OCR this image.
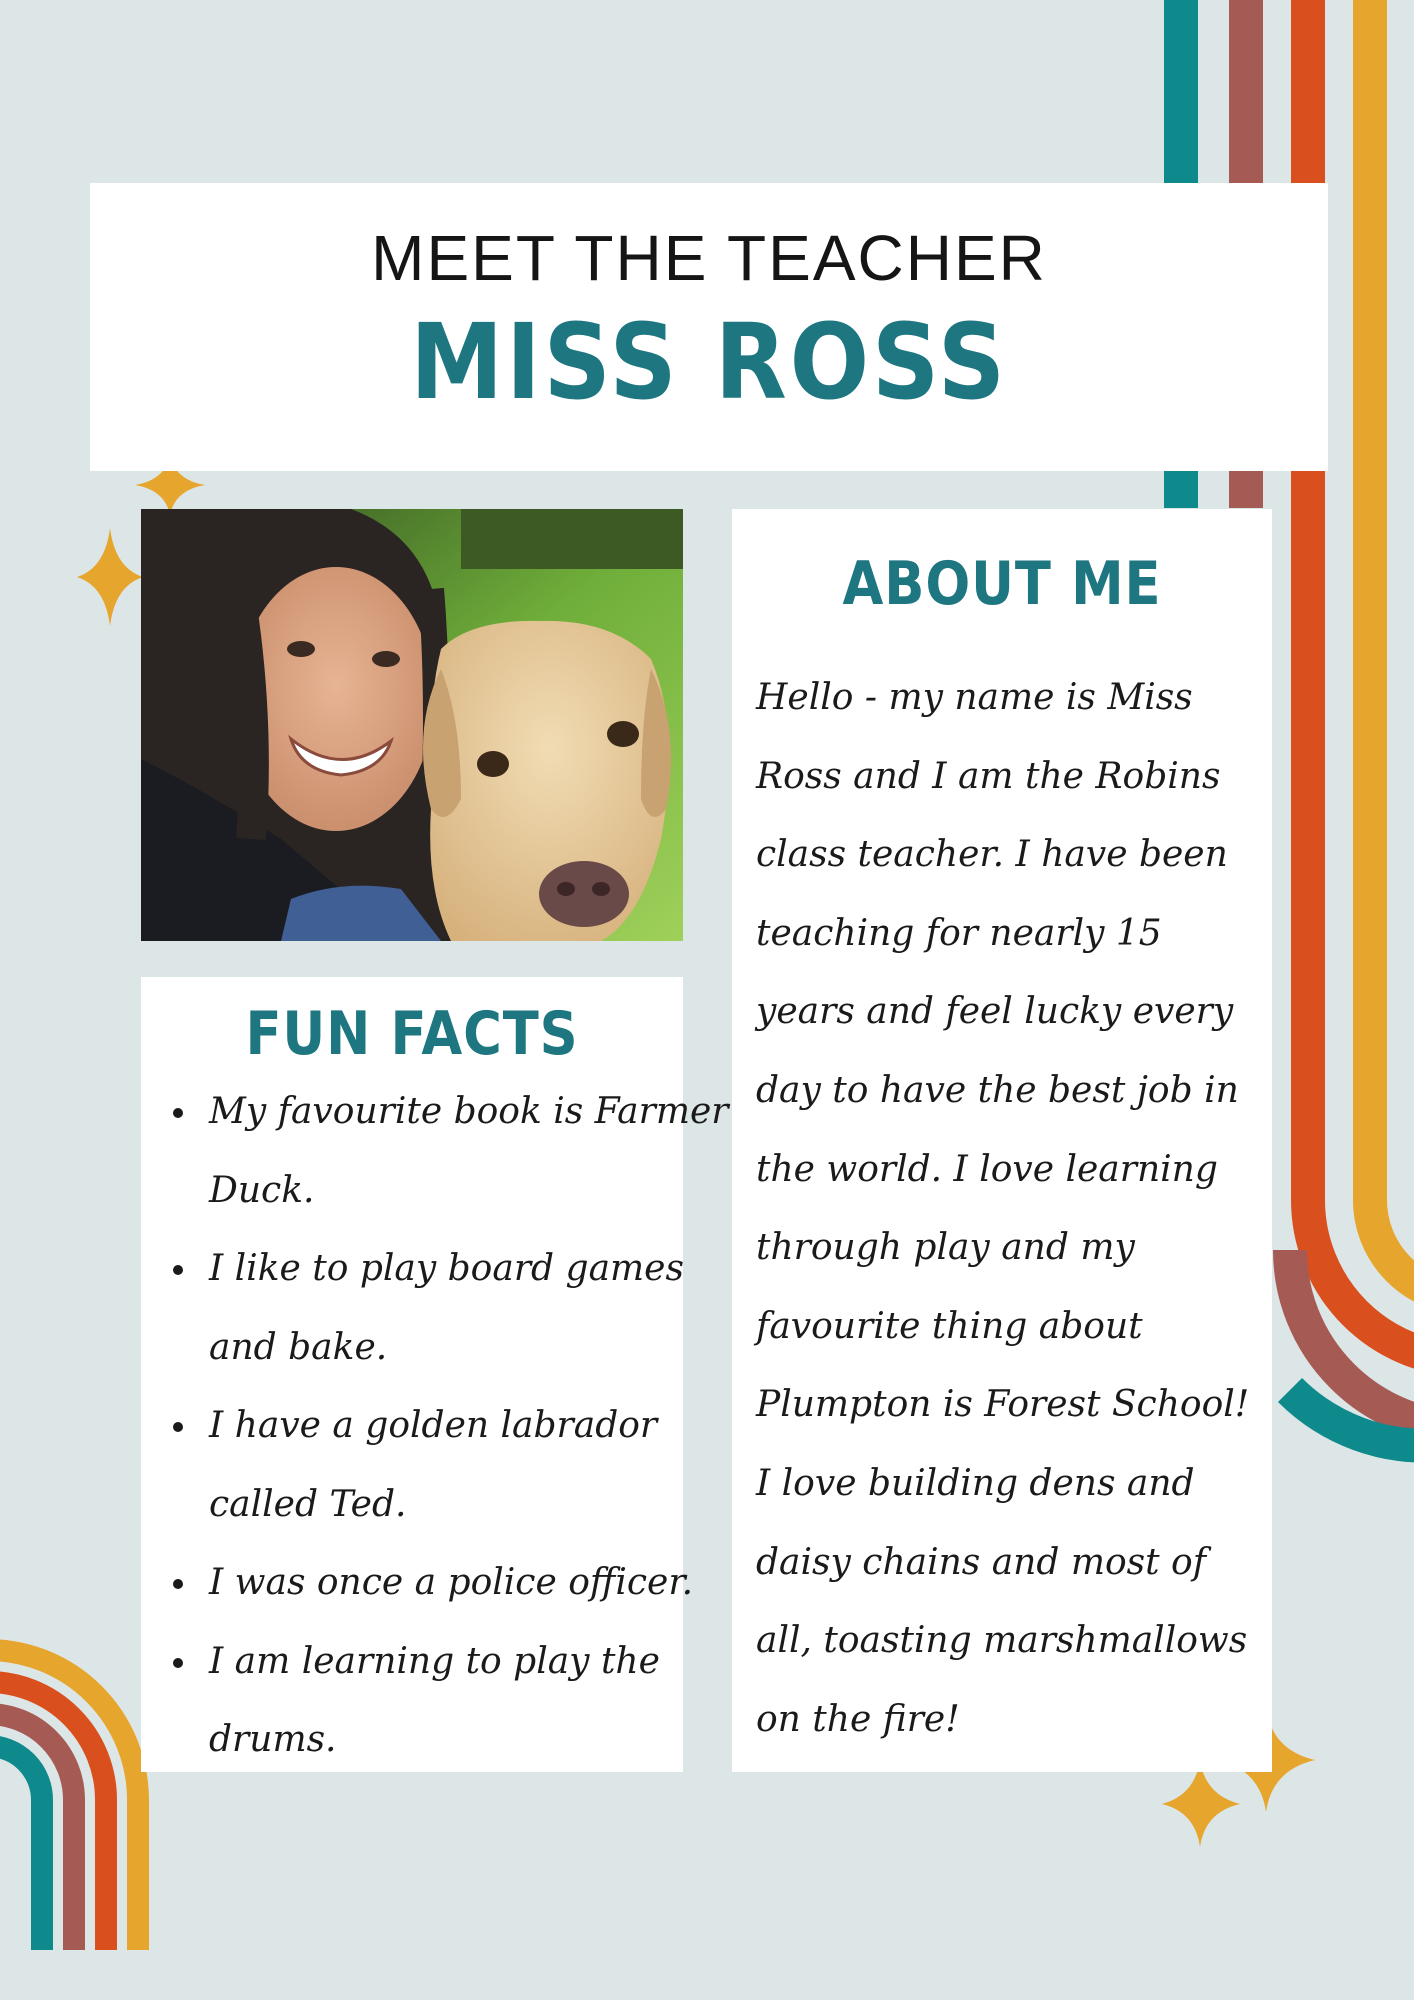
MEET THE TEACHER
MISS ROSS
FUN FACTS
My favourite book is Farmer Duck.
I like to play board games and bake.
I have a golden labrador called Ted.
I was once a police officer.
I am learning to play the drums.
ABOUT ME

Hello - my name is Miss Ross and I am the Robins class teacher. I have been teaching for nearly 15 years and feel lucky every day to have the best job in the world. I love learning through play and my favourite thing about Plumpton is Forest School! I love building dens and daisy chains and most of all, toasting marshmallows on the fire!
